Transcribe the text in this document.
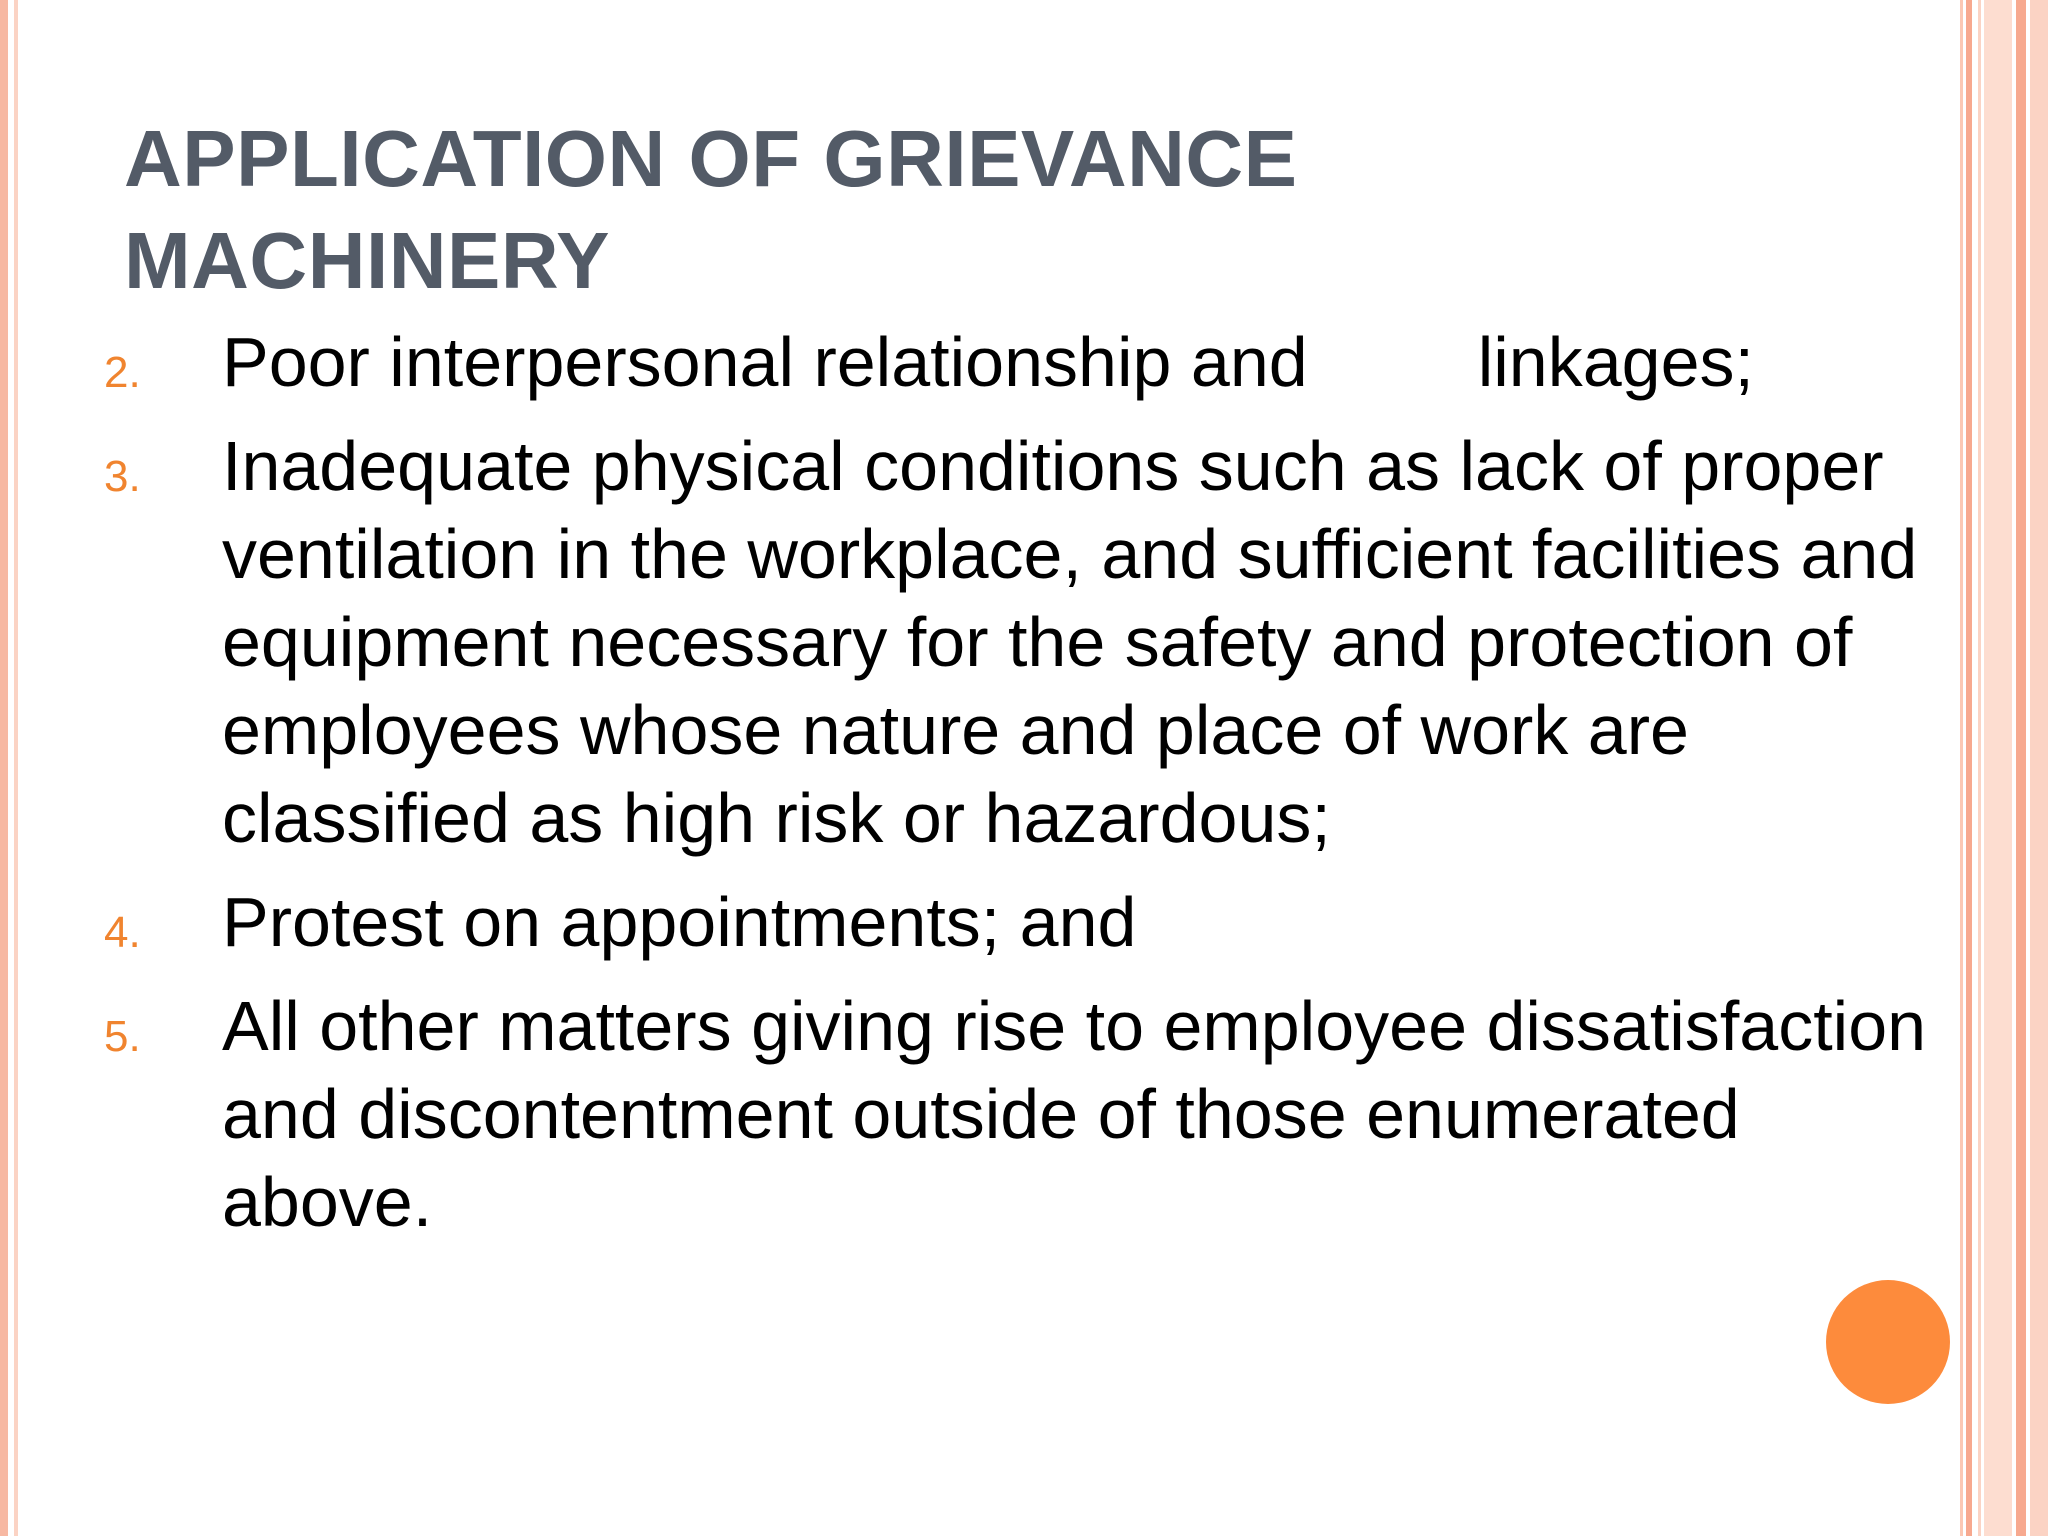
APPLICATION OF GRIEVANCE MACHINERY
2. Poor interpersonal relationship and linkages;
3. Inadequate physical conditions such as lack of proper ventilation in the workplace, and sufficient facilities and equipment necessary for the safety and protection of employees whose nature and place of work are classified as high risk or hazardous;
4. Protest on appointments; and
5. All other matters giving rise to employee dissatisfaction and discontentment outside of those enumerated above.
